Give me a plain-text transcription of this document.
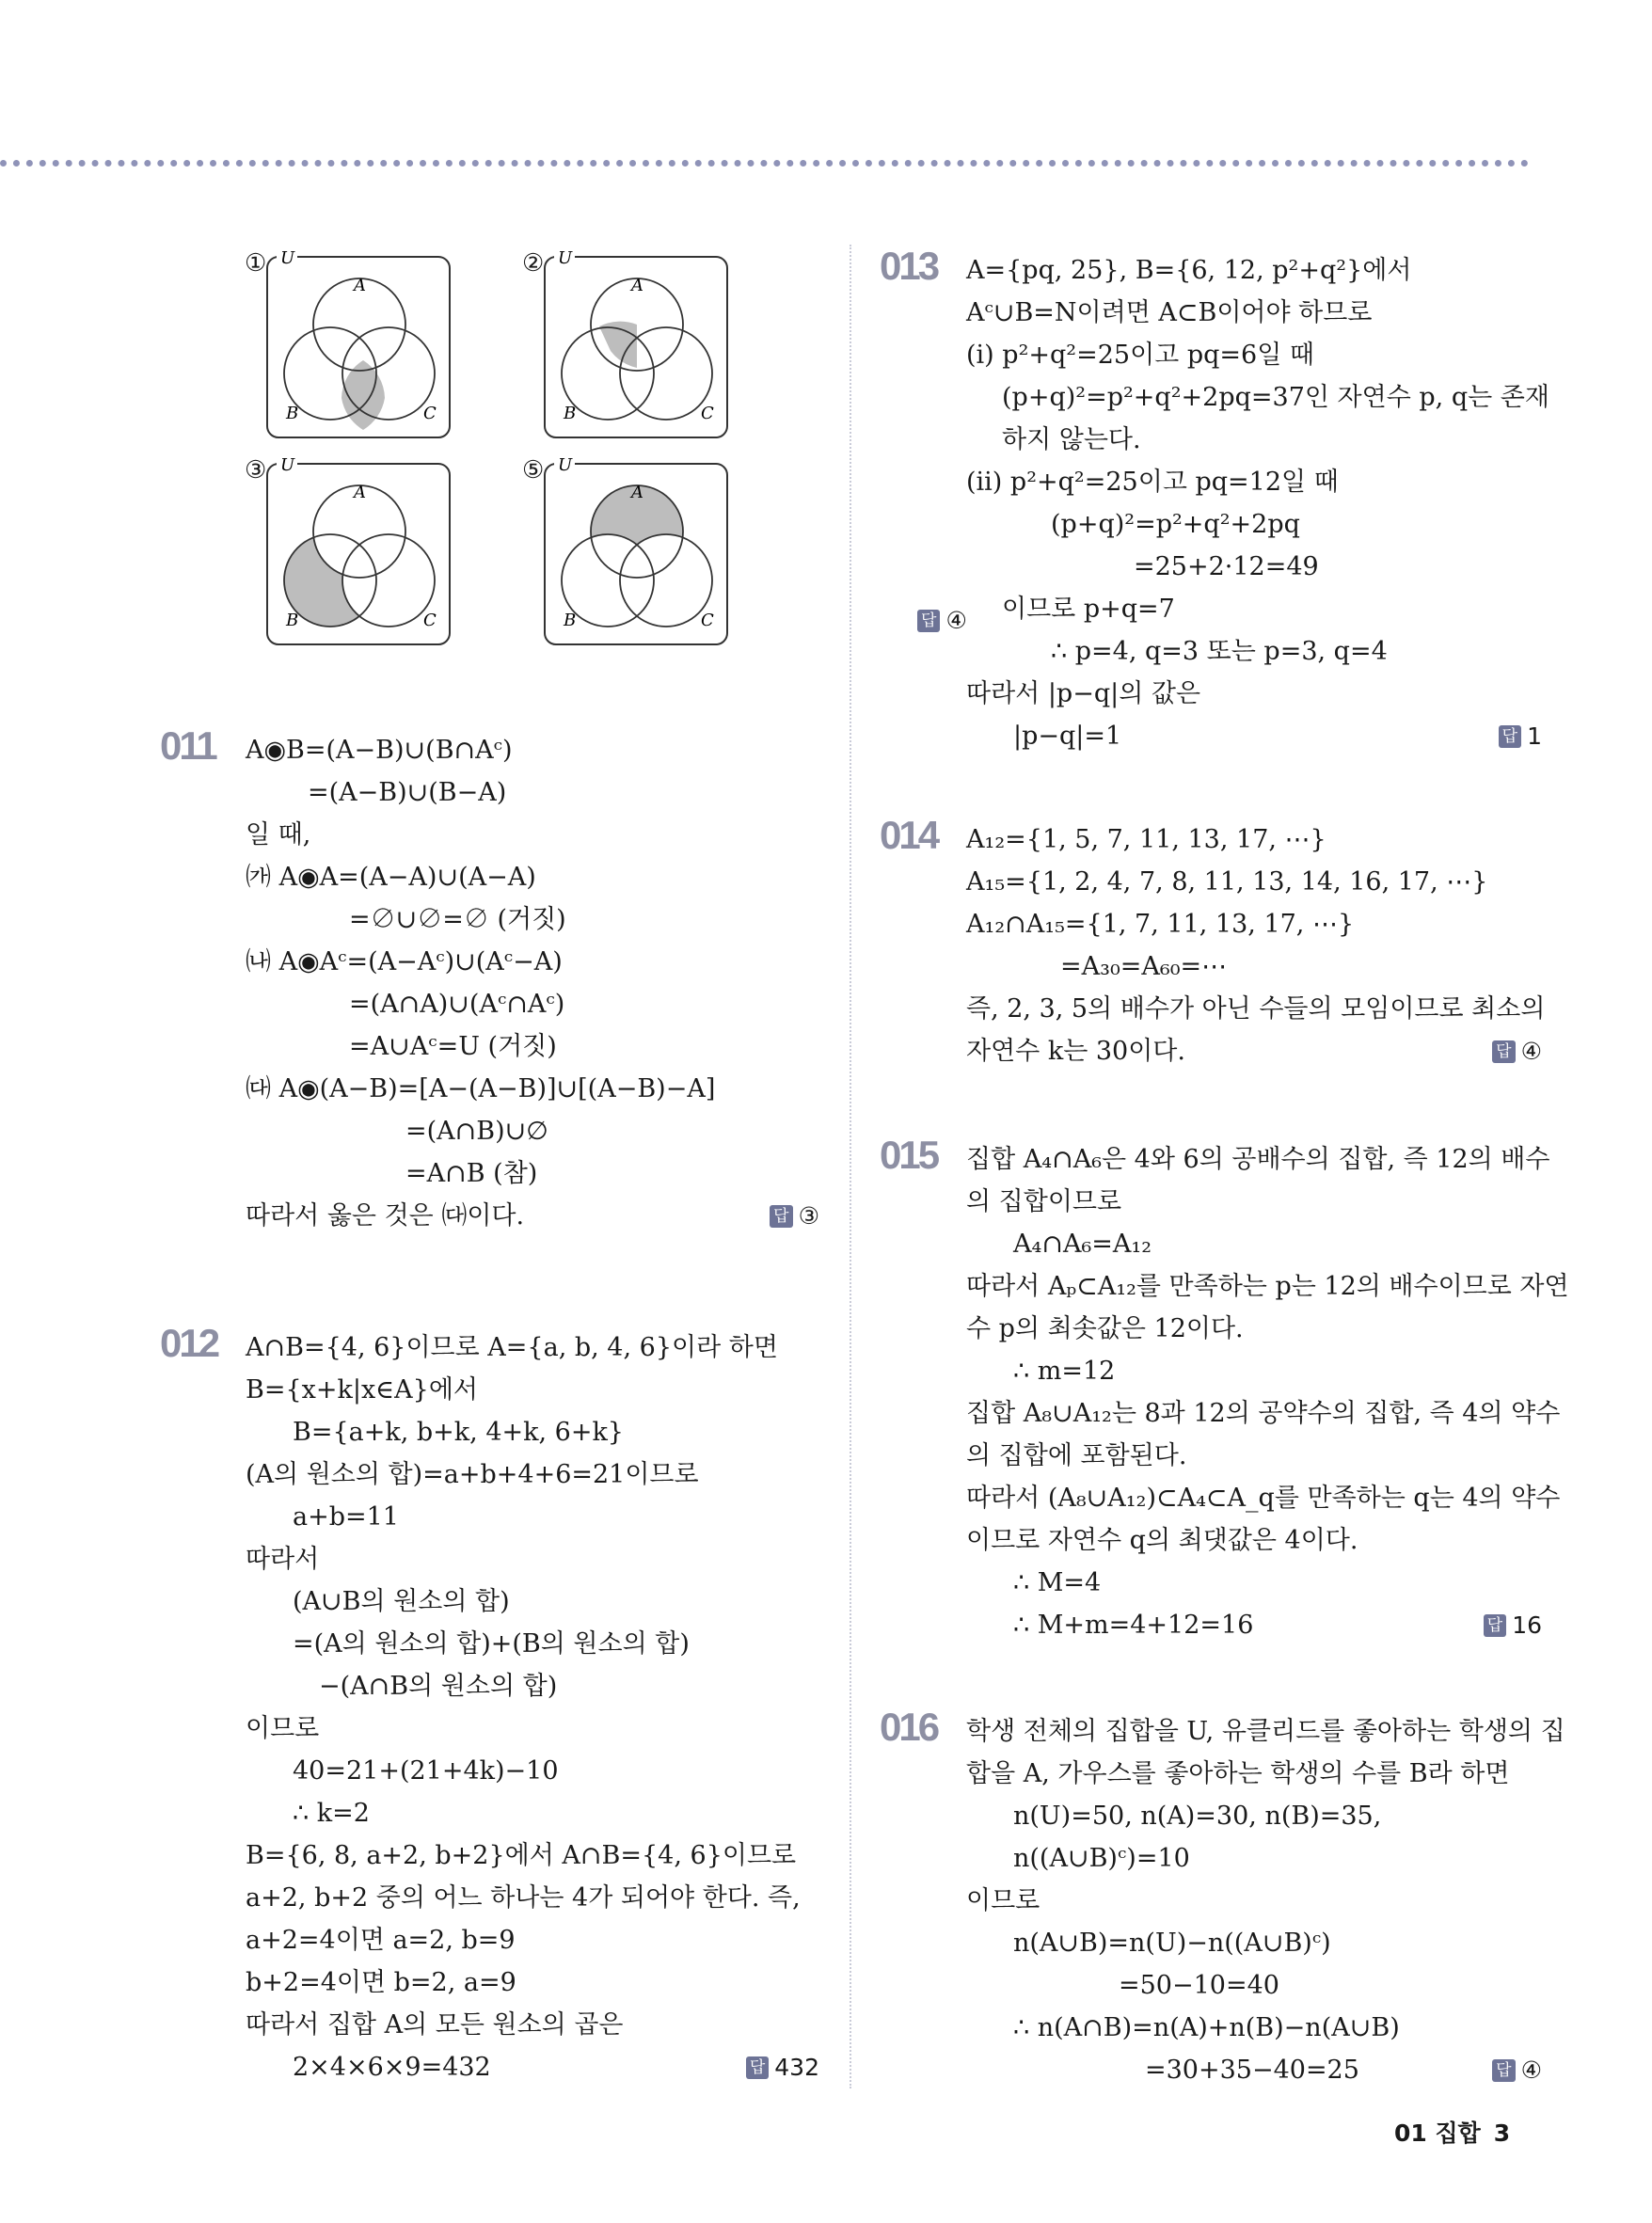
① U
A
B	C
② U
A
B	C
③ U
A
B	C
⑤ U
A
B	C	답 ④
011 A◉B=(A−B)∪(B∩Aᶜ)
=(A−B)∪(B−A)
일 때,
㈎ A◉A=(A−A)∪(A−A)
=∅∪∅=∅ (거짓)
㈏ A◉Aᶜ=(A−Aᶜ)∪(Aᶜ−A)
=(A∩A)∪(Aᶜ∩Aᶜ)
=A∪Aᶜ=U (거짓)
㈐ A◉(A−B)=[A−(A−B)]∪[(A−B)−A]
=(A∩B)∪∅
=A∩B (참)
따라서 옳은 것은 ㈐이다.	답 ③
012 A∩B={4, 6}이므로 A={a, b, 4, 6}이라 하면
B={x+k|x∈A}에서
B={a+k, b+k, 4+k, 6+k}
(A의 원소의 합)=a+b+4+6=21이므로
a+b=11
따라서
(A∪B의 원소의 합)
=(A의 원소의 합)+(B의 원소의 합)
−(A∩B의 원소의 합)
이므로
40=21+(21+4k)−10
∴ k=2
B={6, 8, a+2, b+2}에서 A∩B={4, 6}이므로
a+2, b+2 중의 어느 하나는 4가 되어야 한다. 즉,
a+2=4이면 a=2, b=9
b+2=4이면 b=2, a=9
따라서 집합 A의 모든 원소의 곱은
2×4×6×9=432	답 432
013 A={pq, 25}, B={6, 12, p²+q²}에서
Aᶜ∪B=N이려면 A⊂B이어야 하므로
(i) p²+q²=25이고 pq=6일 때
(p+q)²=p²+q²+2pq=37인 자연수 p, q는 존재
하지 않는다.
(ii) p²+q²=25이고 pq=12일 때
(p+q)²=p²+q²+2pq
=25+2·12=49
이므로 p+q=7
∴ p=4, q=3 또는 p=3, q=4
따라서 |p−q|의 값은
|p−q|=1	답 1
014 A₁₂={1, 5, 7, 11, 13, 17, ⋯}
A₁₅={1, 2, 4, 7, 8, 11, 13, 14, 16, 17, ⋯}
A₁₂∩A₁₅={1, 7, 11, 13, 17, ⋯}
=A₃₀=A₆₀=⋯
즉, 2, 3, 5의 배수가 아닌 수들의 모임이므로 최소의
자연수 k는 30이다.	답 ④
015 집합 A₄∩A₆은 4와 6의 공배수의 집합, 즉 12의 배수
의 집합이므로
A₄∩A₆=A₁₂
따라서 Aₚ⊂A₁₂를 만족하는 p는 12의 배수이므로 자연
수 p의 최솟값은 12이다.
∴ m=12
집합 A₈∪A₁₂는 8과 12의 공약수의 집합, 즉 4의 약수
의 집합에 포함된다.
따라서 (A₈∪A₁₂)⊂A₄⊂A_q를 만족하는 q는 4의 약수
이므로 자연수 q의 최댓값은 4이다.
∴ M=4
∴ M+m=4+12=16	답 16
016 학생 전체의 집합을 U, 유클리드를 좋아하는 학생의 집
합을 A, 가우스를 좋아하는 학생의 수를 B라 하면
n(U)=50, n(A)=30, n(B)=35,
n((A∪B)ᶜ)=10
이므로
n(A∪B)=n(U)−n((A∪B)ᶜ)
=50−10=40
∴ n(A∩B)=n(A)+n(B)−n(A∪B)
=30+35−40=25	답 ④
01 집합 3
